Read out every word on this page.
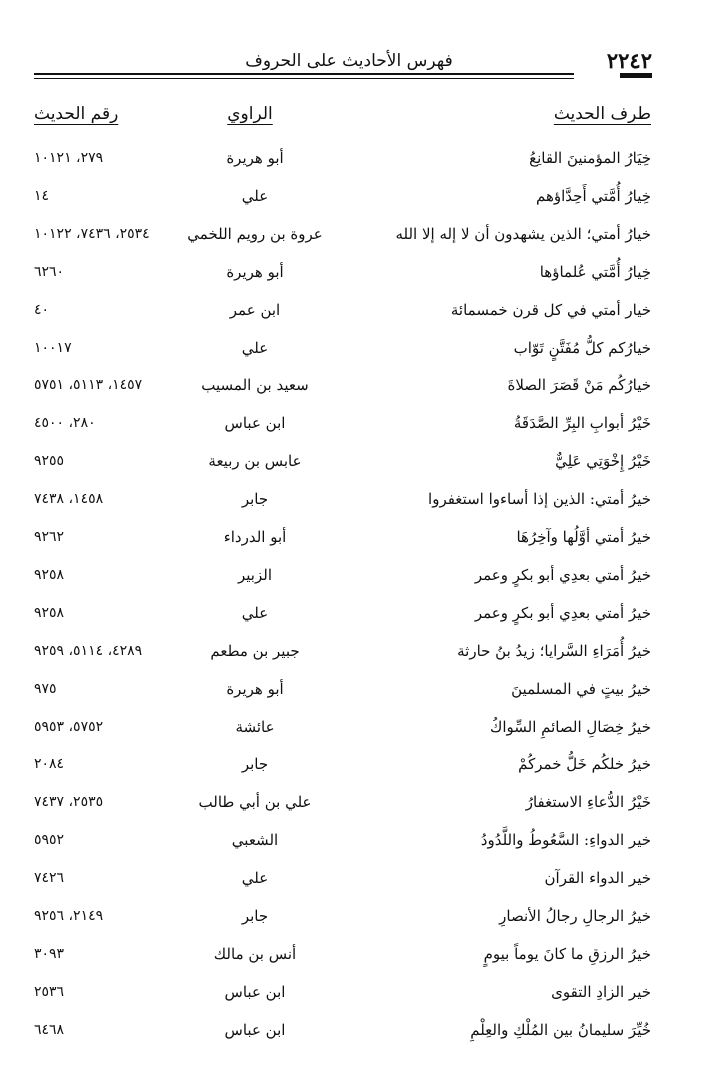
٢٢٤٢
فهرس الأحاديث على الحروف
طرف الحديث
الراوي
رقم الحديث
خِيَارُ المؤمنينَ القانِعُ
أبو هريرة
٢٧٩، ١٠١٢١
خِيارُ أُمَّتي أَحِدَّاؤهم
علي
١٤
خيارُ أمتي؛ الذين يشهدون أن لا إله إلا الله
عروة بن رويم اللخمي
٢٥٣٤، ٧٤٣٦، ١٠١٢٢
خِيارُ أُمَّتي عُلماؤها
أبو هريرة
٦٢٦٠
خيار أمتي في كل قرن خمسمائة
ابن عمر
٤٠
خيارُكم كلُّ مُفَتَّنٍ تَوّاب
علي
١٠٠١٧
خيارُكُم مَنْ قَصَرَ الصلاةَ
سعيد بن المسيب
١٤٥٧، ٥١١٣، ٥٧٥١
خَيْرُ أبوابِ البِرِّ الصَّدَقَةُ
ابن عباس
٢٨٠، ٤٥٠٠
خَيْرُ إِخْوَتِي عَلِيٌّ
عابس بن ربيعة
٩٢٥٥
خيرُ أمتي: الذين إذا أساءوا استغفروا
جابر
١٤٥٨، ٧٤٣٨
خيرُ أمتي أوَّلُها وآخِرُهَا
أبو الدرداء
٩٢٦٢
خيرُ أمتي بعدِي أبو بكرٍ وعمر
الزبير
٩٢٥٨
خيرُ أمتي بعدِي أبو بكرٍ وعمر
علي
٩٢٥٨
خيرُ أُمَرَاءِ السَّرايا؛ زيدُ بنُ حارثة
جبير بن مطعم
٤٢٨٩، ٥١١٤، ٩٢٥٩
خيرُ بيتٍ في المسلمينَ
أبو هريرة
٩٧٥
خيرُ خِصَالِ الصائمِ السِّواكُ
عائشة
٥٧٥٢، ٥٩٥٣
خيرُ خلكُم خَلُّ خمركُمْ
جابر
٢٠٨٤
خَيْرُ الدُّعاءِ الاستغفارُ
علي بن أبي طالب
٢٥٣٥، ٧٤٣٧
خير الدواءِ: السَّعُوطُ واللَّدُودُ
الشعبي
٥٩٥٢
خير الدواء القرآن
علي
٧٤٢٦
خيرُ الرجالِ رجالُ الأنصارِ
جابر
٢١٤٩، ٩٢٥٦
خيرُ الرزقِ ما كانَ يوماً بيومٍ
أنس بن مالك
٣٠٩٣
خير الزادِ التقوى
ابن عباس
٢٥٣٦
خُيِّرَ سليمانُ بين المُلْكِ والعِلْمِ
ابن عباس
٦٤٦٨
